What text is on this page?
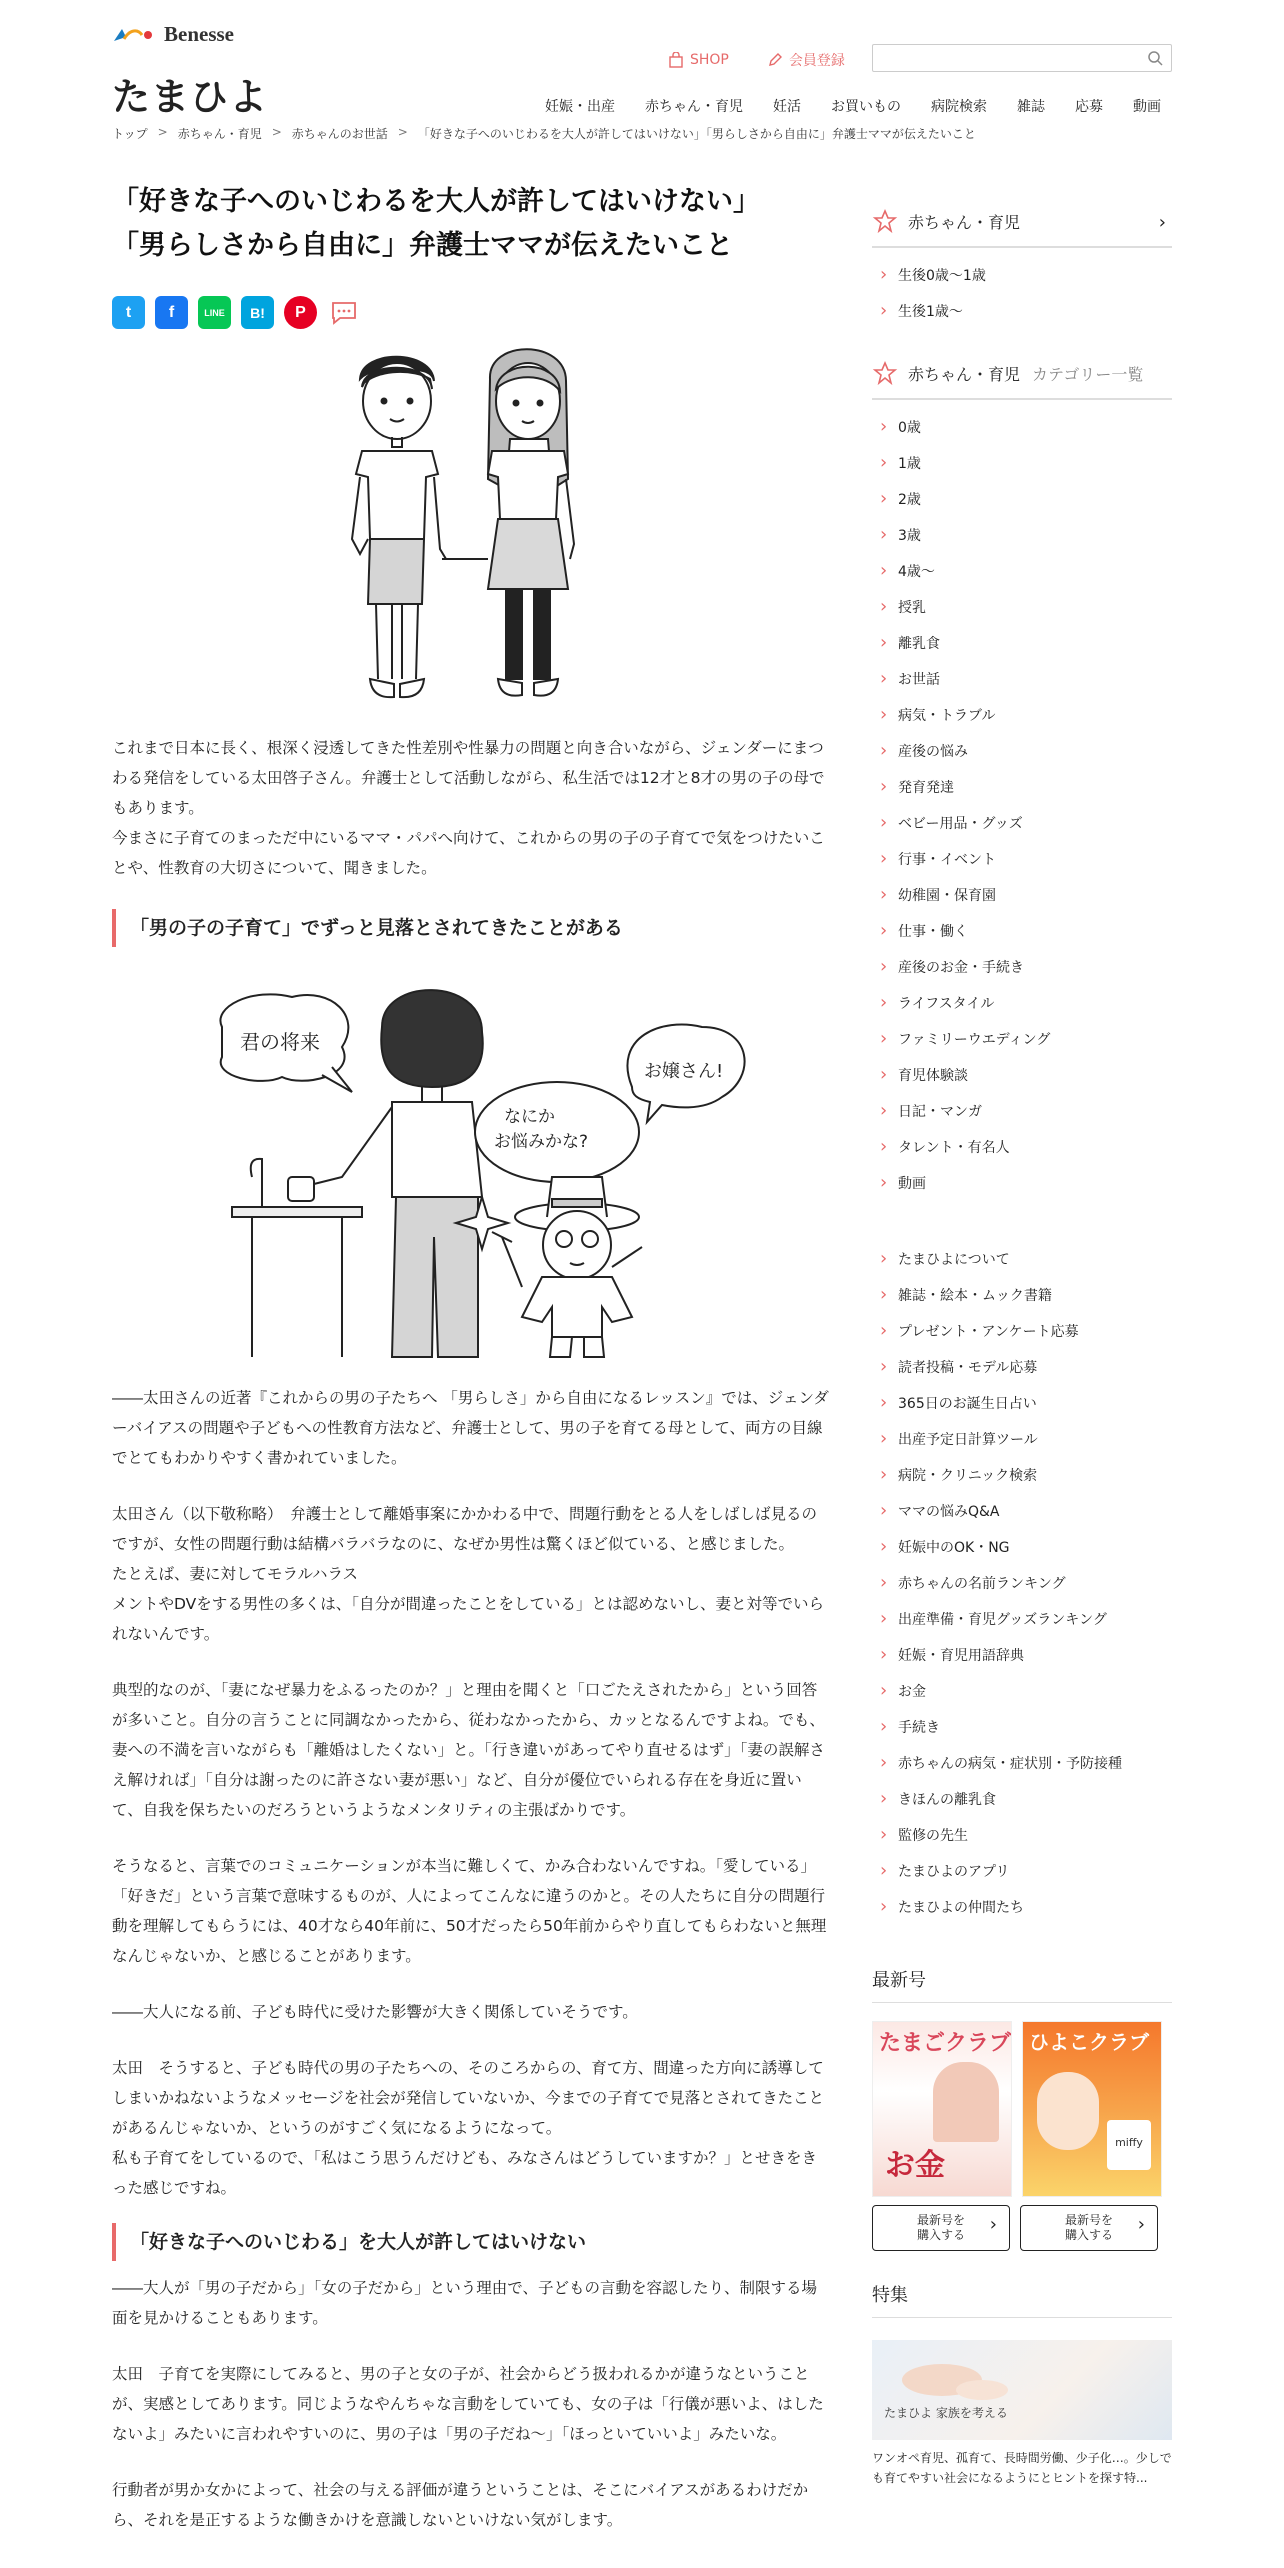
Benesse
たまひよ
SHOP	会員登録
妊娠・出産	赤ちゃん・育児	妊活	お買いもの	病院検索	雑誌	応募	動画
トップ > 赤ちゃん・育児 > 赤ちゃんのお世話 > 「好きな子へのいじわるを大人が許してはいけない」「男らしさから自由に」弁護士ママが伝えたいこと
「好きな子へのいじわるを大人が許してはいけない」
「男らしさから自由に」弁護士ママが伝えたいこと
t f	LINE B! P

これまで日本に長く、根深く浸透してきた性差別や性暴力の問題と向き合いながら、ジェンダーにまつわる発信をしている太田啓子さん。弁護士として活動しながら、私生活では12才と8才の男の子の母でもあります。

今まさに子育てのまっただ中にいるママ・パパへ向けて、これからの男の子の子育てで気をつけたいことや、性教育の大切さについて、聞きました。

「男の子の子育て」でずっと見落とされてきたことがある
君の将来
なにか
お悩みかな?
お嬢さん!

――太田さんの近著『これからの男の子たちへ 「男らしさ」から自由になるレッスン』では、ジェンダーバイアスの問題や子どもへの性教育方法など、弁護士として、男の子を育てる母として、両方の目線でとてもわかりやすく書かれていました。

太田さん（以下敬称略）　弁護士として離婚事案にかかわる中で、問題行動をとる人をしばしば見るのですが、女性の問題行動は結構バラバラなのに、なぜか男性は驚くほど似ている、と感じました。

たとえば、妻に対してモラルハラス

メントやDVをする男性の多くは、「自分が間違ったことをしている」とは認めないし、妻と対等でいられないんです。

典型的なのが、「妻になぜ暴力をふるったのか？」と理由を聞くと「口ごたえされたから」という回答が多いこと。自分の言うことに同調なかったから、従わなかったから、カッとなるんですよね。でも、妻への不満を言いながらも「離婚はしたくない」と。「行き違いがあってやり直せるはず」「妻の誤解さえ解ければ」「自分は謝ったのに許さない妻が悪い」など、自分が優位でいられる存在を身近に置いて、自我を保ちたいのだろうというようなメンタリティの主張ばかりです。

そうなると、言葉でのコミュニケーションが本当に難しくて、かみ合わないんですね。「愛している」「好きだ」という言葉で意味するものが、人によってこんなに違うのかと。その人たちに自分の問題行動を理解してもらうには、40才なら40年前に、50才だったら50年前からやり直してもらわないと無理なんじゃないか、と感じることがあります。

――大人になる前、子ども時代に受けた影響が大きく関係していそうです。

太田　そうすると、子ども時代の男の子たちへの、そのころからの、育て方、間違った方向に誘導してしまいかねないようなメッセージを社会が発信していないか、今までの子育てで見落とされてきたことがあるんじゃないか、というのがすごく気になるようになって。

私も子育てをしているので、「私はこう思うんだけども、みなさんはどうしていますか？」とせきをきった感じですね。

「好きな子へのいじわる」を大人が許してはいけない

――大人が「男の子だから」「女の子だから」という理由で、子どもの言動を容認したり、制限する場面を見かけることもあります。

太田　子育てを実際にしてみると、男の子と女の子が、社会からどう扱われるかが違うなということが、実感としてあります。同じようなやんちゃな言動をしていても、女の子は「行儀が悪いよ、はしたないよ」みたいに言われやすいのに、男の子は「男の子だね～」「ほっといていいよ」みたいな。

行動者が男か女かによって、社会の与える評価が違うということは、そこにバイアスがあるわけだから、それを是正するような働きかけを意識しないといけない気がします。

赤ちゃん・育児	›
› 生後0歳～1歳
› 生後1歳～
赤ちゃん・育児 カテゴリー一覧
› 0歳
› 1歳
› 2歳
› 3歳
› 4歳～
› 授乳
› 離乳食
› お世話
› 病気・トラブル
› 産後の悩み
› 発育発達
› ベビー用品・グッズ
› 行事・イベント
› 幼稚園・保育園
› 仕事・働く
› 産後のお金・手続き
› ライフスタイル
› ファミリーウエディング
› 育児体験談
› 日記・マンガ
› タレント・有名人
› 動画
› たまひよについて
› 雑誌・絵本・ムック書籍
› プレゼント・アンケート応募
› 読者投稿・モデル応募
› 365日のお誕生日占い
› 出産予定日計算ツール
› 病院・クリニック検索
› ママの悩みQ&A
› 妊娠中のOK・NG
› 赤ちゃんの名前ランキング
› 出産準備・育児グッズランキング
› 妊娠・育児用語辞典
› お金
› 手続き
› 赤ちゃんの病気・症状別・予防接種
› きほんの離乳食
› 監修の先生
› たまひよのアプリ
› たまひよの仲間たち
最新号
たまごクラブ
お金
ひよこクラブ
miffy
最新号を
購入する
›
最新号を
購入する
›
特集
たまひよ 家族を考える
ワンオペ育児、孤育て、長時間労働、少子化…。少しでも育てやすい社会になるようにとヒントを探す特...
